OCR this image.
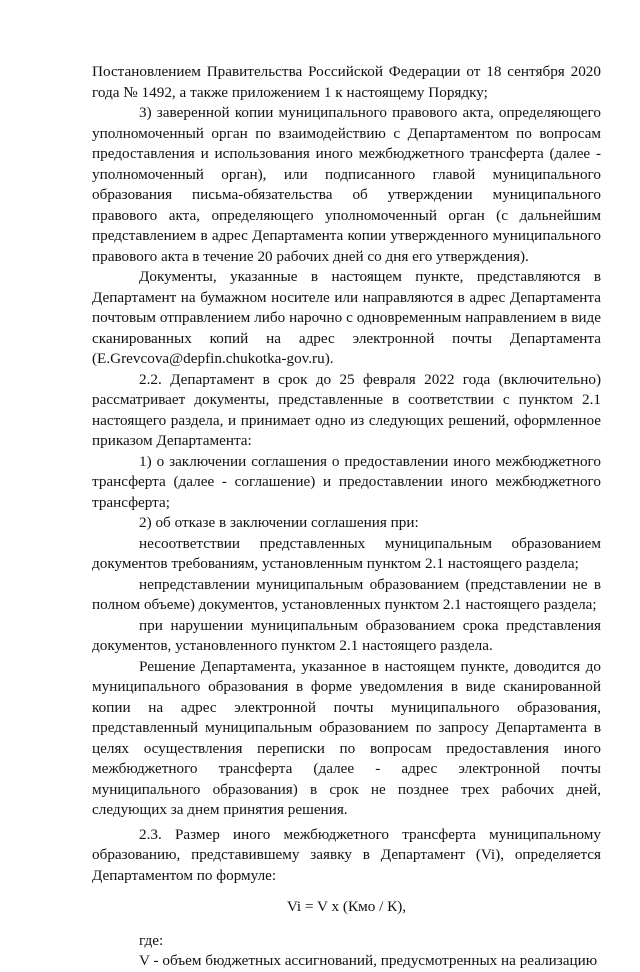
Постановлением Правительства Российской Федерации от 18 сентября 2020 года № 1492, а также приложением 1 к настоящему Порядку;

3) заверенной копии муниципального правового акта, определяющего уполномоченный орган по взаимодействию с Департаментом по вопросам предоставления и использования иного межбюджетного трансферта (далее - уполномоченный орган), или подписанного главой муниципального образования письма-обязательства об утверждении муниципального правового акта, определяющего уполномоченный орган (с дальнейшим представлением в адрес Департамента копии утвержденного муниципального правового акта в течение 20 рабочих дней со дня его утверждения).

Документы, указанные в настоящем пункте, представляются в Департамент на бумажном носителе или направляются в адрес Департамента почтовым отправлением либо нарочно с одновременным направлением в виде сканированных копий на адрес электронной почты Департамента (E.Grevcova@depfin.chukotka-gov.ru).

2.2. Департамент в срок до 25 февраля 2022 года (включительно) рассматривает документы, представленные в соответствии с пунктом 2.1 настоящего раздела, и принимает одно из следующих решений, оформленное приказом Департамента:

1) о заключении соглашения о предоставлении иного межбюджетного трансферта (далее - соглашение) и предоставлении иного межбюджетного трансферта;

2) об отказе в заключении соглашения при:

несоответствии представленных муниципальным образованием документов требованиям, установленным пунктом 2.1 настоящего раздела;

непредставлении муниципальным образованием (представлении не в полном объеме) документов, установленных пунктом 2.1 настоящего раздела;

при нарушении муниципальным образованием срока представления документов, установленного пунктом 2.1 настоящего раздела.

Решение Департамента, указанное в настоящем пункте, доводится до муниципального образования в форме уведомления в виде сканированной копии на адрес электронной почты муниципального образования, представленный муниципальным образованием по запросу Департамента в целях осуществления переписки по вопросам предоставления иного межбюджетного трансферта (далее - адрес электронной почты муниципального образования) в срок не позднее трех рабочих дней, следующих за днем принятия решения.

2.3. Размер иного межбюджетного трансферта муниципальному образованию, представившему заявку в Департамент (Vi), определяется Департаментом по формуле:

Vi = V x (Кмо / К),

где:

V - объем бюджетных ассигнований, предусмотренных на реализацию
